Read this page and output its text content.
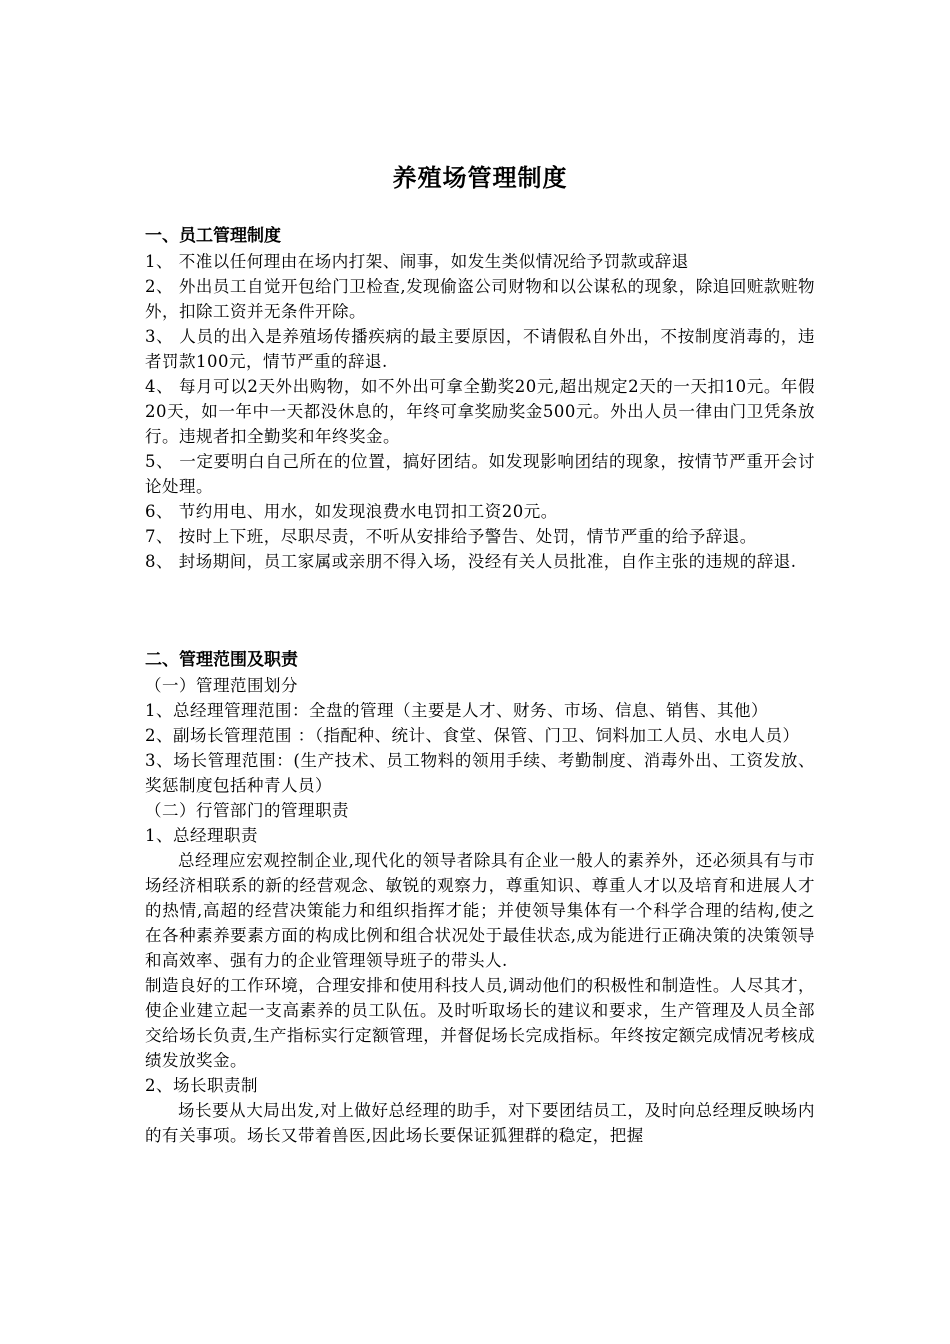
养殖场管理制度
一、员工管理制度

1、 不准以任何理由在场内打架、闹事，如发生类似情况给予罚款或辞退

2、 外出员工自觉开包给门卫检查,发现偷盗公司财物和以公谋私的现象，除追回赃款赃物外，扣除工资并无条件开除。

3、 人员的出入是养殖场传播疾病的最主要原因，不请假私自外出，不按制度消毒的，违者罚款100元，情节严重的辞退.

4、 每月可以2天外出购物，如不外出可拿全勤奖20元,超出规定2天的一天扣10元。年假20天，如一年中一天都没休息的，年终可拿奖励奖金500元。外出人员一律由门卫凭条放行。违规者扣全勤奖和年终奖金。

5、 一定要明白自己所在的位置，搞好团结。如发现影响团结的现象，按情节严重开会讨论处理。

6、 节约用电、用水，如发现浪费水电罚扣工资20元。

7、 按时上下班，尽职尽责，不听从安排给予警告、处罚，情节严重的给予辞退。

8、 封场期间，员工家属或亲朋不得入场，没经有关人员批准，自作主张的违规的辞退.

二、管理范围及职责

（一）管理范围划分

1、总经理管理范围：全盘的管理（主要是人才、财务、市场、信息、销售、其他）

2、副场长管理范围 ：（指配种、统计、食堂、保管、门卫、饲料加工人员、水电人员）

3、场长管理范围：(生产技术、员工物料的领用手续、考勤制度、消毒外出、工资发放、奖惩制度包括种青人员）

（二）行管部门的管理职责

1、总经理职责

总经理应宏观控制企业,现代化的领导者除具有企业一般人的素养外，还必须具有与市场经济相联系的新的经营观念、敏锐的观察力，尊重知识、尊重人才以及培育和进展人才的热情,高超的经营决策能力和组织指挥才能；并使领导集体有一个科学合理的结构,使之在各种素养要素方面的构成比例和组合状况处于最佳状态,成为能进行正确决策的决策领导和高效率、强有力的企业管理领导班子的带头人.

制造良好的工作环境，合理安排和使用科技人员,调动他们的积极性和制造性。人尽其才，使企业建立起一支高素养的员工队伍。及时听取场长的建议和要求，生产管理及人员全部交给场长负责,生产指标实行定额管理，并督促场长完成指标。年终按定额完成情况考核成绩发放奖金。

2、场长职责制

场长要从大局出发,对上做好总经理的助手，对下要团结员工，及时向总经理反映场内的有关事项。场长又带着兽医,因此场长要保证狐狸群的稳定，把握
